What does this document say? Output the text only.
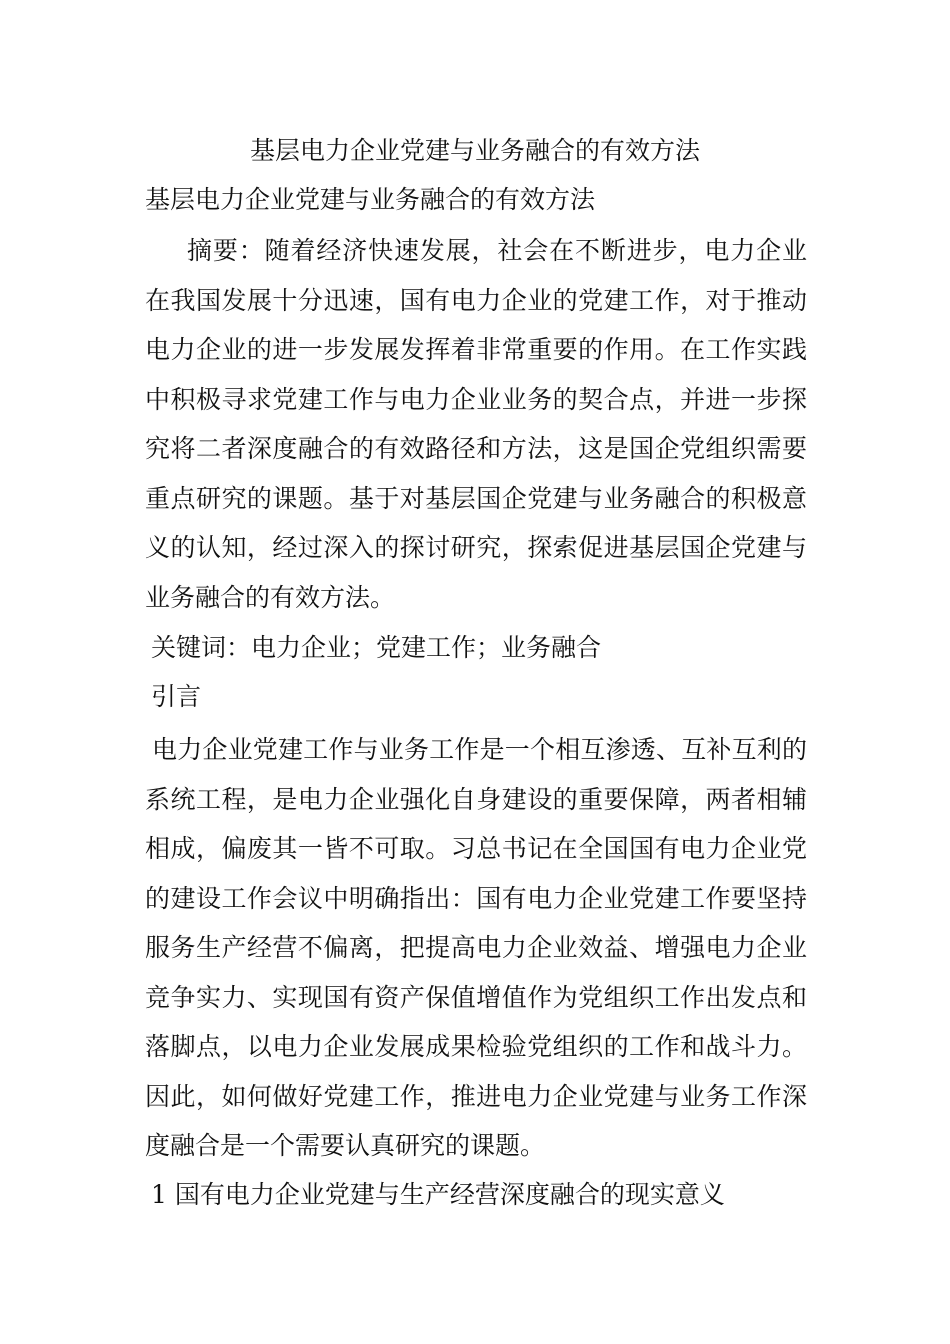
基层电力企业党建与业务融合的有效方法
基层电力企业党建与业务融合的有效方法
摘要：随着经济快速发展，社会在不断进步，电力企业在我国发展十分迅速，国有电力企业的党建工作，对于推动电力企业的进一步发展发挥着非常重要的作用。在工作实践中积极寻求党建工作与电力企业业务的契合点，并进一步探究将二者深度融合的有效路径和方法，这是国企党组织需要重点研究的课题。基于对基层国企党建与业务融合的积极意义的认知，经过深入的探讨研究，探索促进基层国企党建与业务融合的有效方法。
关键词：电力企业；党建工作；业务融合
引言
电力企业党建工作与业务工作是一个相互渗透、互补互利的系统工程，是电力企业强化自身建设的重要保障，两者相辅相成，偏废其一皆不可取。习总书记在全国国有电力企业党的建设工作会议中明确指出：国有电力企业党建工作要坚持服务生产经营不偏离，把提高电力企业效益、增强电力企业竞争实力、实现国有资产保值增值作为党组织工作出发点和落脚点，以电力企业发展成果检验党组织的工作和战斗力。因此，如何做好党建工作，推进电力企业党建与业务工作深度融合是一个需要认真研究的课题。
1 国有电力企业党建与生产经营深度融合的现实意义
